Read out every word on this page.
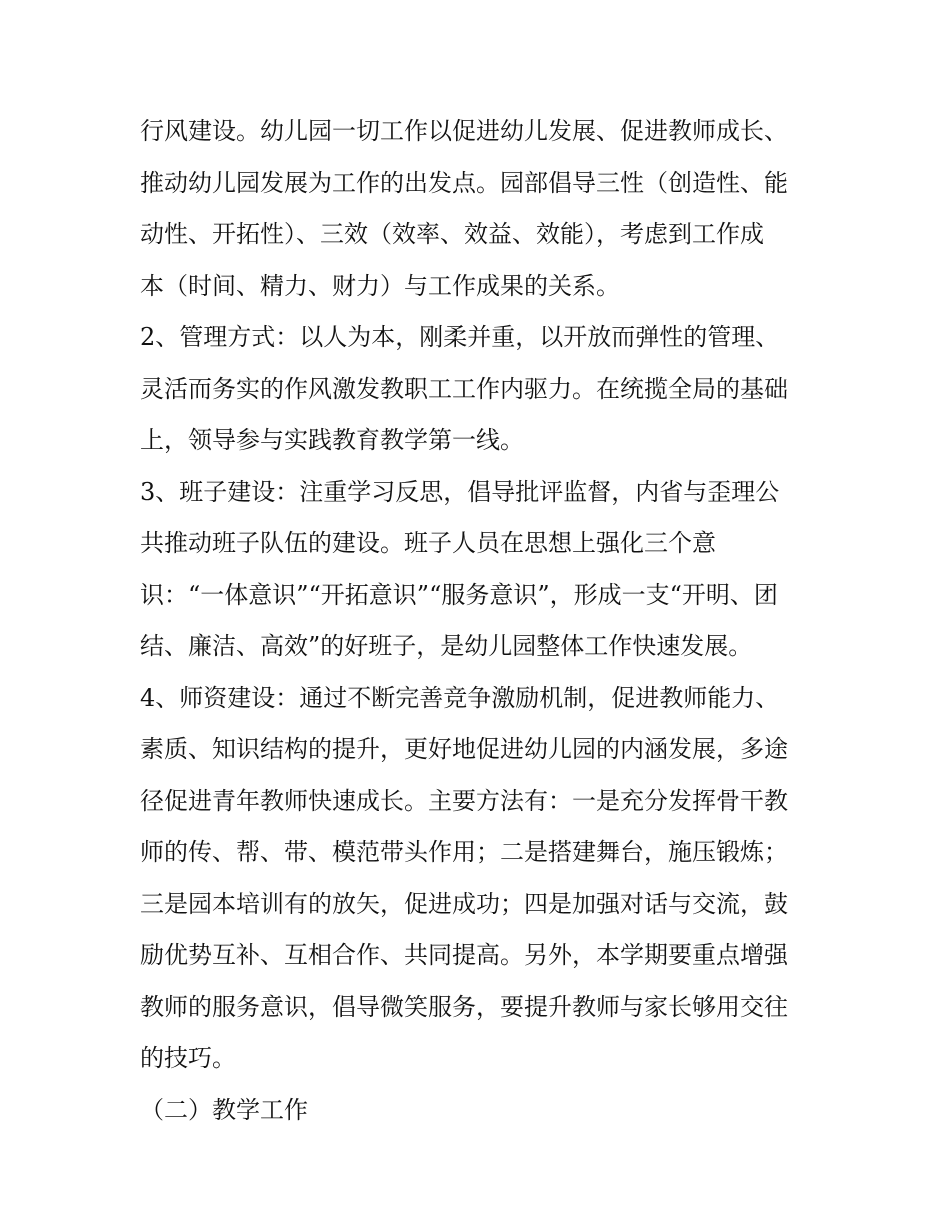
行风建设。幼儿园一切工作以促进幼儿发展、促进教师成长、
推动幼儿园发展为工作的出发点。园部倡导三性（创造性、能
动性、开拓性）、三效（效率、效益、效能），考虑到工作成
本（时间、精力、财力）与工作成果的关系。
2、管理方式：以人为本，刚柔并重，以开放而弹性的管理、
灵活而务实的作风激发教职工工作内驱力。在统揽全局的基础
上，领导参与实践教育教学第一线。
3、班子建设：注重学习反思，倡导批评监督，内省与歪理公
共推动班子队伍的建设。班子人员在思想上强化三个意
识：“一体意识”“开拓意识”“服务意识”，形成一支“开明、团
结、廉洁、高效”的好班子，是幼儿园整体工作快速发展。
4、师资建设：通过不断完善竞争激励机制，促进教师能力、
素质、知识结构的提升，更好地促进幼儿园的内涵发展，多途
径促进青年教师快速成长。主要方法有：一是充分发挥骨干教
师的传、帮、带、模范带头作用；二是搭建舞台，施压锻炼；
三是园本培训有的放矢，促进成功；四是加强对话与交流，鼓
励优势互补、互相合作、共同提高。另外，本学期要重点增强
教师的服务意识，倡导微笑服务，要提升教师与家长够用交往
的技巧。
（二）教学工作
